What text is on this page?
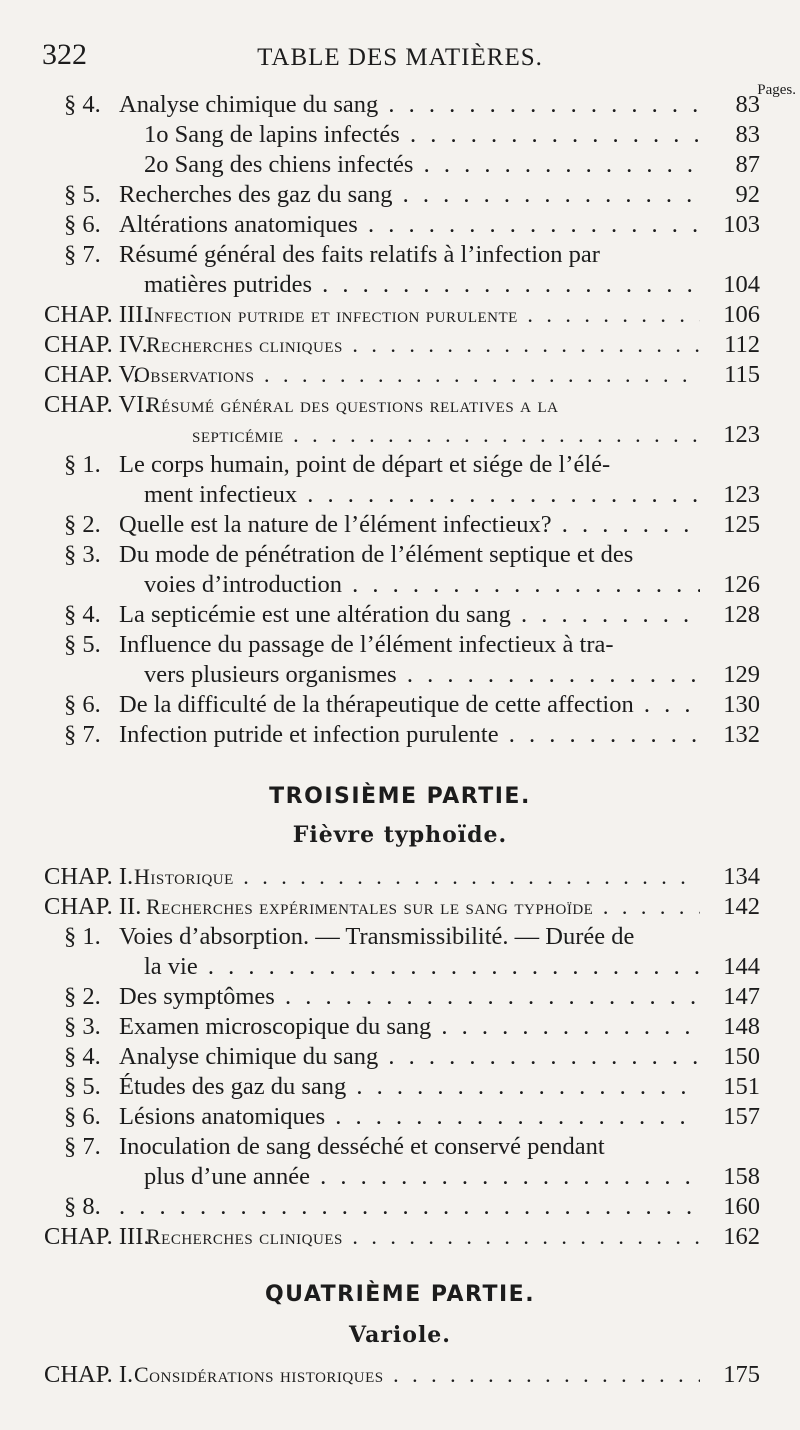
322	TABLE DES MATIÈRES.
Pages.
§ 4. Analyse chimique du sang . . .	83
1o Sang de lapins infectés . . .	83
2o Sang des chiens infectés . . .	87
§ 5. Recherches des gaz du sang . . .	92
§ 6. Altérations anatomiques . . .	103
§ 7. Résumé général des faits relatifs à l’infection par
matières putrides . . .	104
CHAP. III.
Infection putride et infection purulente . . .	106
CHAP. IV.
Recherches cliniques . . .	112
CHAP. V.
Observations . . .	115
CHAP. VI.
Résumé général des questions relatives a la
septicémie . . .	123
§ 1. Le corps humain, point de départ et siége de l’élé-
ment infectieux . . .	123
§ 2. Quelle est la nature de l’élément infectieux? . . .	125
§ 3. Du mode de pénétration de l’élément septique et des
voies d’introduction . . .	126
§ 4. La septicémie est une altération du sang . . .	128
§ 5. Influence du passage de l’élément infectieux à tra-
vers plusieurs organismes . . .	129
§ 6. De la difficulté de la thérapeutique de cette affection . . .	130
§ 7. Infection putride et infection purulente . . .	132
TROISIÈME PARTIE.
Fièvre typhoïde.
CHAP. I. Historique . . .	134
CHAP. II. Recherches expérimentales sur le sang typhoïde . . .	142
§ 1. Voies d’absorption. — Transmissibilité. — Durée de
la vie . . .	144
§ 2. Des symptômes . . .	147
§ 3. Examen microscopique du sang . . .	148
§ 4. Analyse chimique du sang . . .	150
§ 5. Études des gaz du sang . . .	151
§ 6. Lésions anatomiques . . .	157
§ 7. Inoculation de sang desséché et conservé pendant
plus d’une année . . .	158
§ 8. . . .	160
CHAP. III.
Recherches cliniques . . .	162
QUATRIÈME PARTIE.
Variole.
CHAP. I. Considérations historiques . . .	175
